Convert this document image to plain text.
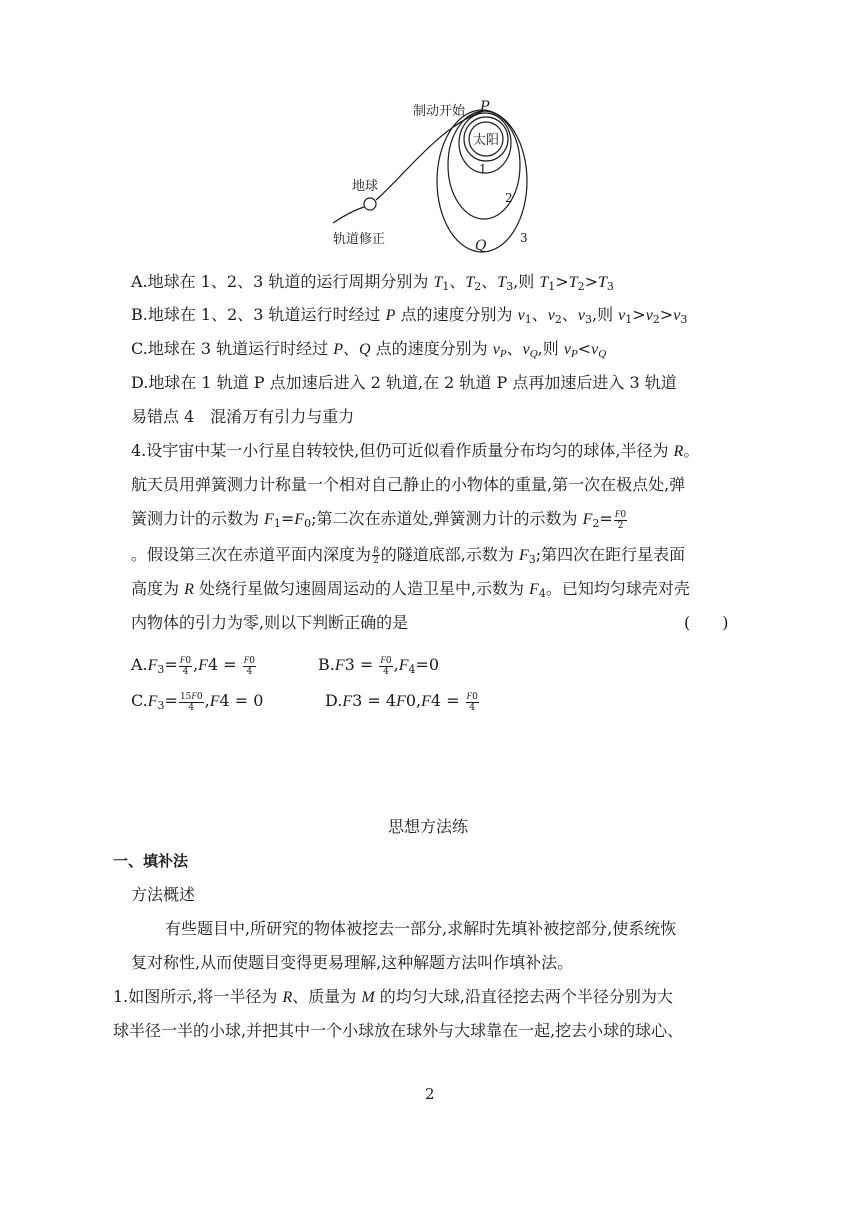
制动开始 P
太阳
1
2
3
地球
轨道修正	Q
A.地球在 1、2、3 轨道的运行周期分别为 $T_1$、$T_2$、$T_3$,则 $T_1>T_2>T_3$
B.地球在 1、2、3 轨道运行时经过 P 点的速度分别为 $v_1$、$v_2$、$v_3$,则 $v_1>v_2>v_3$
C.地球在 3 轨道运行时经过 P、Q 点的速度分别为 $v_P$、$v_Q$,则 $v_P<v_Q$
D.地球在 1 轨道 P 点加速后进入 2 轨道,在 2 轨道 P 点再加速后进入 3 轨道
易错点 4　混淆万有引力与重力
4.设宇宙中某一小行星自转较快,但仍可近似看作质量分布均匀的球体,半径为 R。
航天员用弹簧测力计称量一个相对自己静止的小物体的重量,第一次在极点处,弹
簧测力计的示数为 $F_1=F_0$;第二次在赤道处,弹簧测力计的示数为 $F_2= \frac{F0}{2}$
。假设第三次在赤道平面内深度为 $\frac{R}{2}$ 的隧道底部,示数为 $F_3$;第四次在距行星表面
高度为 R 处绕行星做匀速圆周运动的人造卫星中,示数为 $F_4$。已知均匀球壳对壳
内物体的引力为零,则以下判断正确的是	(　　)
$A.F_3= \frac{F0}{4} ,F4 = \frac{F0}{4}$	$B.F3 = \frac{F0}{4} ,F_4=0$
$C.F_3= \frac{15F0}{4} ,F4 = 0$	$D.F3 = 4F0,F4 = \frac{F0}{4}$
思想方法练
一、填补法
方法概述
有些题目中,所研究的物体被挖去一部分,求解时先填补被挖部分,使系统恢
复对称性,从而使题目变得更易理解,这种解题方法叫作填补法。
1.如图所示,将一半径为 R、质量为 M 的均匀大球,沿直径挖去两个半径分别为大
球半径一半的小球,并把其中一个小球放在球外与大球靠在一起,挖去小球的球心、
2
